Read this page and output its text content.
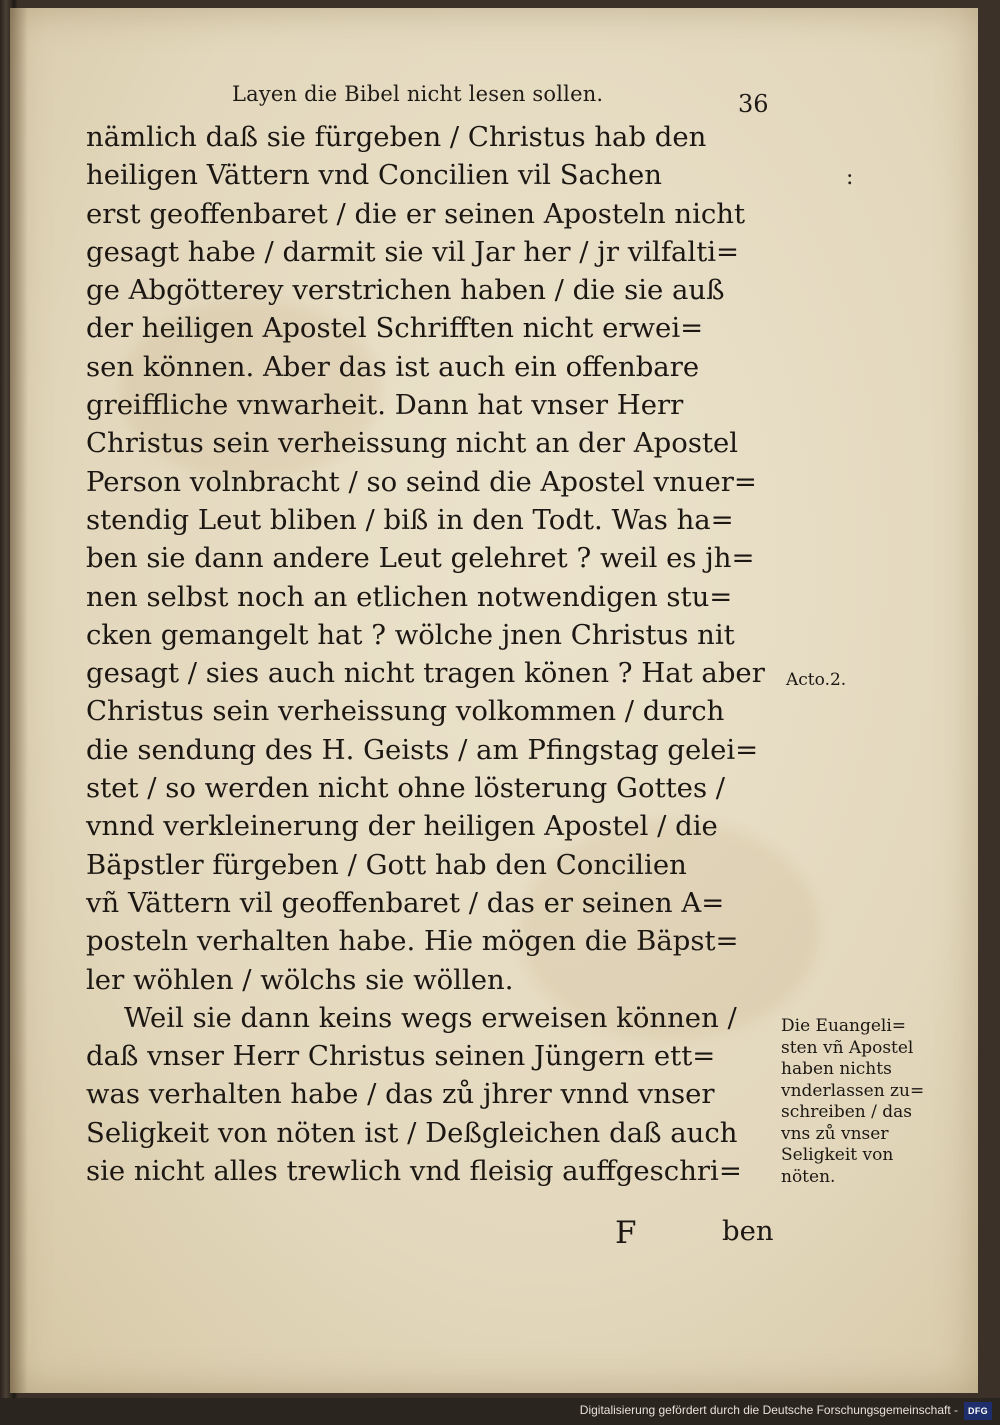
Layen die Bibel nicht lesen sollen.	36
:
nämlich daß sie fürgeben / Christus hab den
heiligen Vättern vnd Concilien vil Sachen
erst geoffenbaret / die er seinen Aposteln nicht
gesagt habe / darmit sie vil Jar her / jr vilfalti=
ge Abgötterey verstrichen haben / die sie auß
der heiligen Apostel Schrifften nicht erwei=
sen können. Aber das ist auch ein offenbare
greiffliche vnwarheit. Dann hat vnser Herr
Christus sein verheissung nicht an der Apostel
Person volnbracht / so seind die Apostel vnuer=
stendig Leut bliben / biß in den Todt. Was ha=
ben sie dann andere Leut gelehret ? weil es jh=
nen selbst noch an etlichen notwendigen stu=
cken gemangelt hat ? wölche jnen Christus nit
gesagt / sies auch nicht tragen könen ? Hat aber
Christus sein verheissung volkommen / durch
die sendung des H. Geists / am Pfingstag gelei=
stet / so werden nicht ohne lösterung Gottes /
vnnd verkleinerung der heiligen Apostel / die
Bäpstler fürgeben / Gott hab den Concilien
vñ Vättern vil geoffenbaret / das er seinen A=
posteln verhalten habe. Hie mögen die Bäpst=
ler wöhlen / wölchs sie wöllen.
Weil sie dann keins wegs erweisen können /
daß vnser Herr Christus seinen Jüngern ett=
was verhalten habe / das zů jhrer vnnd vnser
Seligkeit von nöten ist / Deßgleichen daß auch
sie nicht alles trewlich vnd fleisig auffgeschri=
Acto.2.
Die Euangeli=
sten vñ Apostel
haben nichts
vnderlassen zu=
schreiben / das
vns zů vnser
Seligkeit von
nöten.
F	ben
Digitalisierung gefördert durch die Deutsche Forschungsgemeinschaft -	DFG
